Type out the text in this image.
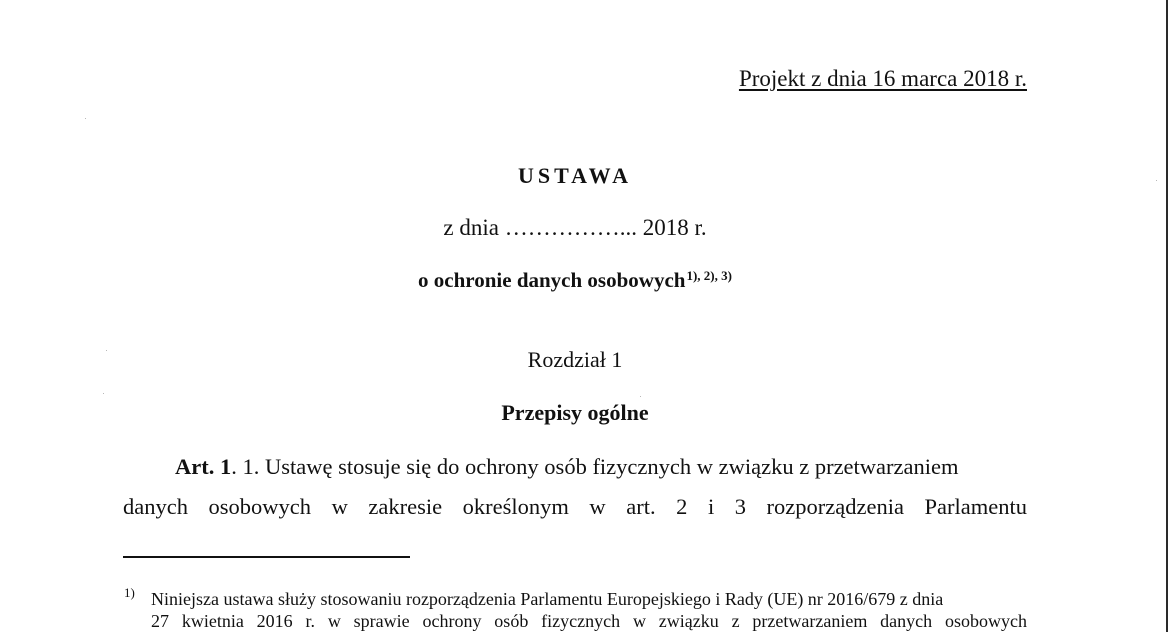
Projekt z dnia 16 marca 2018 r.
USTAWA
z dnia ……………... 2018 r.
o ochronie danych osobowych$^{1), 2), 3)}$
Rozdział 1
Przepisy ogólne
Art. 1. 1. Ustawę stosuje się do ochrony osób fizycznych w związku z przetwarzaniem
danych osobowych w zakresie określonym w art. 2 i 3 rozporządzenia Parlamentu
1) Niniejsza ustawa służy stosowaniu rozporządzenia Parlamentu Europejskiego i Rady (UE) nr 2016/679 z dnia
27 kwietnia 2016 r. w sprawie ochrony osób fizycznych w związku z przetwarzaniem danych osobowych
